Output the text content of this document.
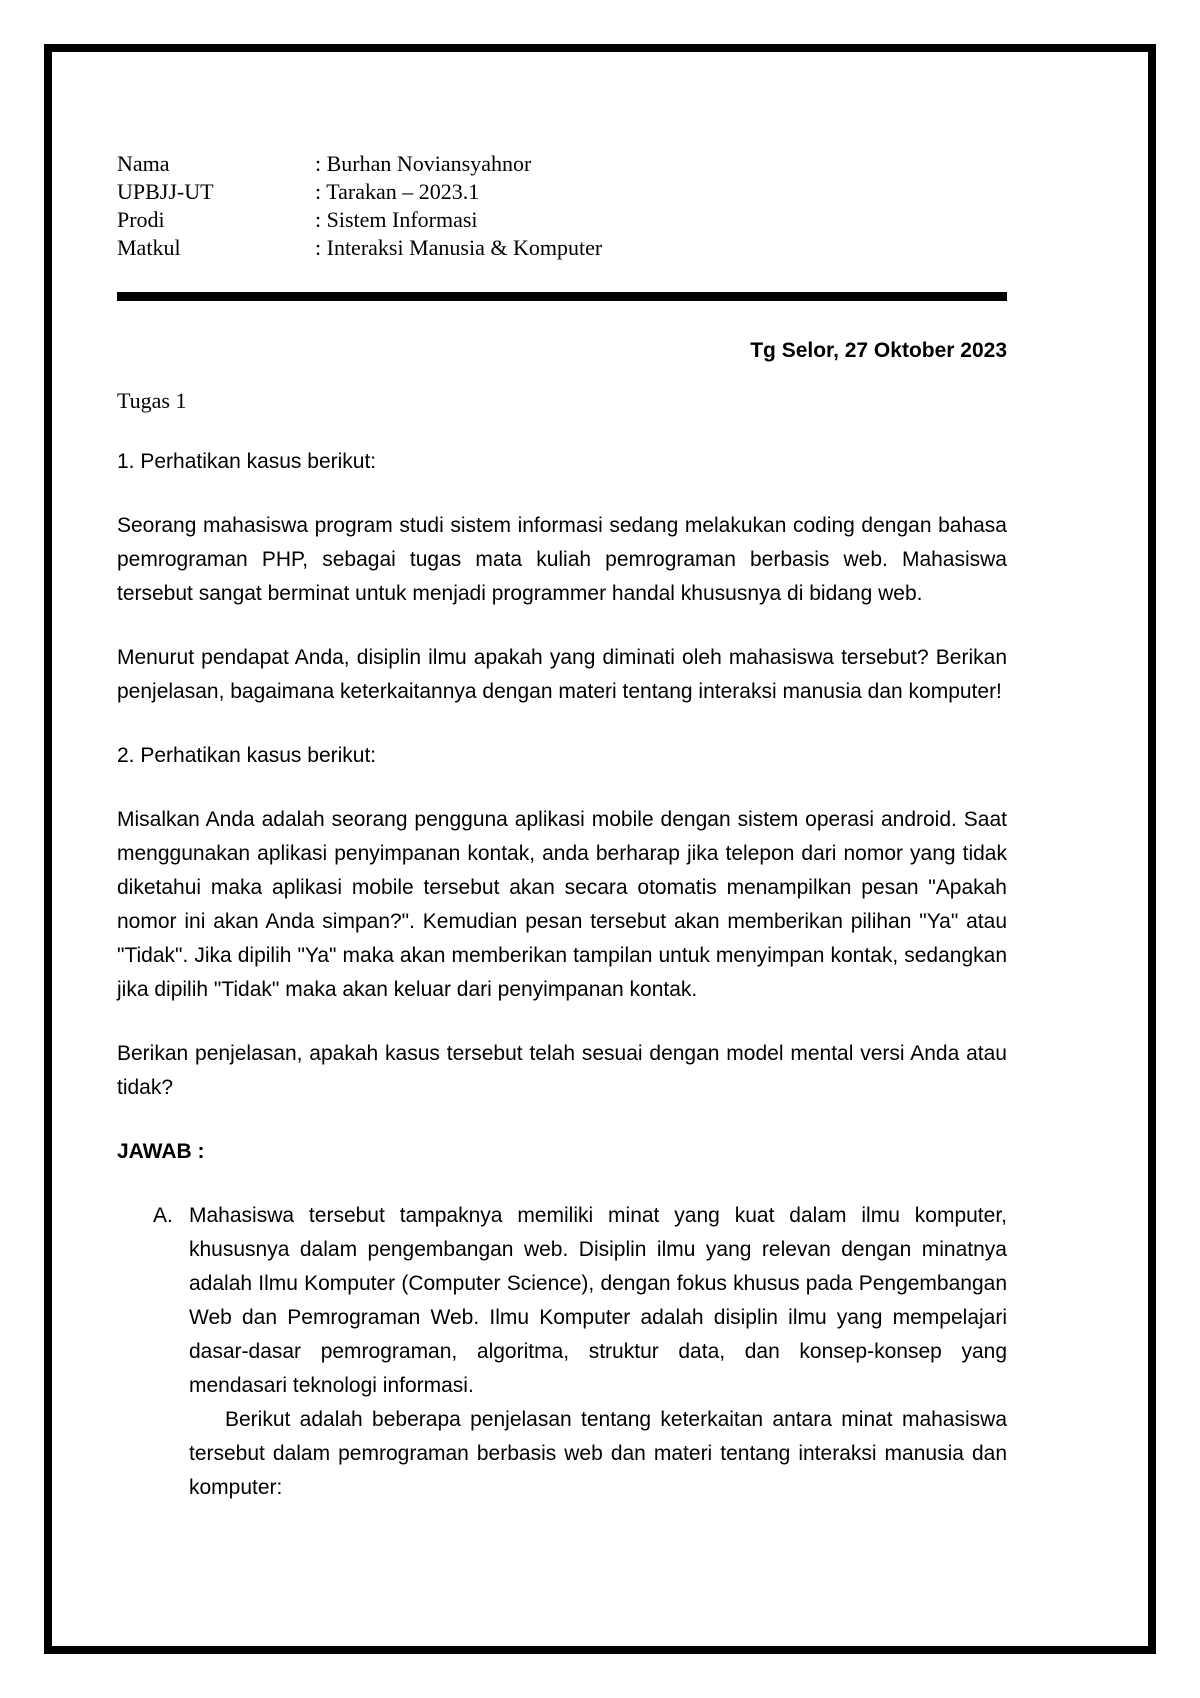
Nama	: Burhan Noviansyahnor
UPBJJ-UT	: Tarakan – 2023.1
Prodi	: Sistem Informasi
Matkul	: Interaksi Manusia & Komputer
Tg Selor, 27 Oktober 2023
Tugas 1

1. Perhatikan kasus berikut:

Seorang mahasiswa program studi sistem informasi sedang melakukan coding dengan bahasa pemrograman PHP, sebagai tugas mata kuliah pemrograman berbasis web. Mahasiswa tersebut sangat berminat untuk menjadi programmer handal khususnya di bidang web.

Menurut pendapat Anda, disiplin ilmu apakah yang diminati oleh mahasiswa tersebut? Berikan penjelasan, bagaimana keterkaitannya dengan materi tentang interaksi manusia dan komputer!

2. Perhatikan kasus berikut:

Misalkan Anda adalah seorang pengguna aplikasi mobile dengan sistem operasi android. Saat menggunakan aplikasi penyimpanan kontak, anda berharap jika telepon dari nomor yang tidak diketahui maka aplikasi mobile tersebut akan secara otomatis menampilkan pesan "Apakah nomor ini akan Anda simpan?". Kemudian pesan tersebut akan memberikan pilihan "Ya" atau "Tidak". Jika dipilih "Ya" maka akan memberikan tampilan untuk menyimpan kontak, sedangkan jika dipilih "Tidak" maka akan keluar dari penyimpanan kontak.

Berikan penjelasan, apakah kasus tersebut telah sesuai dengan model mental versi Anda atau tidak?

JAWAB :

A. Mahasiswa tersebut tampaknya memiliki minat yang kuat dalam ilmu komputer, khususnya dalam pengembangan web. Disiplin ilmu yang relevan dengan minatnya adalah Ilmu Komputer (Computer Science), dengan fokus khusus pada Pengembangan Web dan Pemrograman Web. Ilmu Komputer adalah disiplin ilmu yang mempelajari dasar-dasar pemrograman, algoritma, struktur data, dan konsep-konsep yang mendasari teknologi informasi.

Berikut adalah beberapa penjelasan tentang keterkaitan antara minat mahasiswa tersebut dalam pemrograman berbasis web dan materi tentang interaksi manusia dan komputer:
